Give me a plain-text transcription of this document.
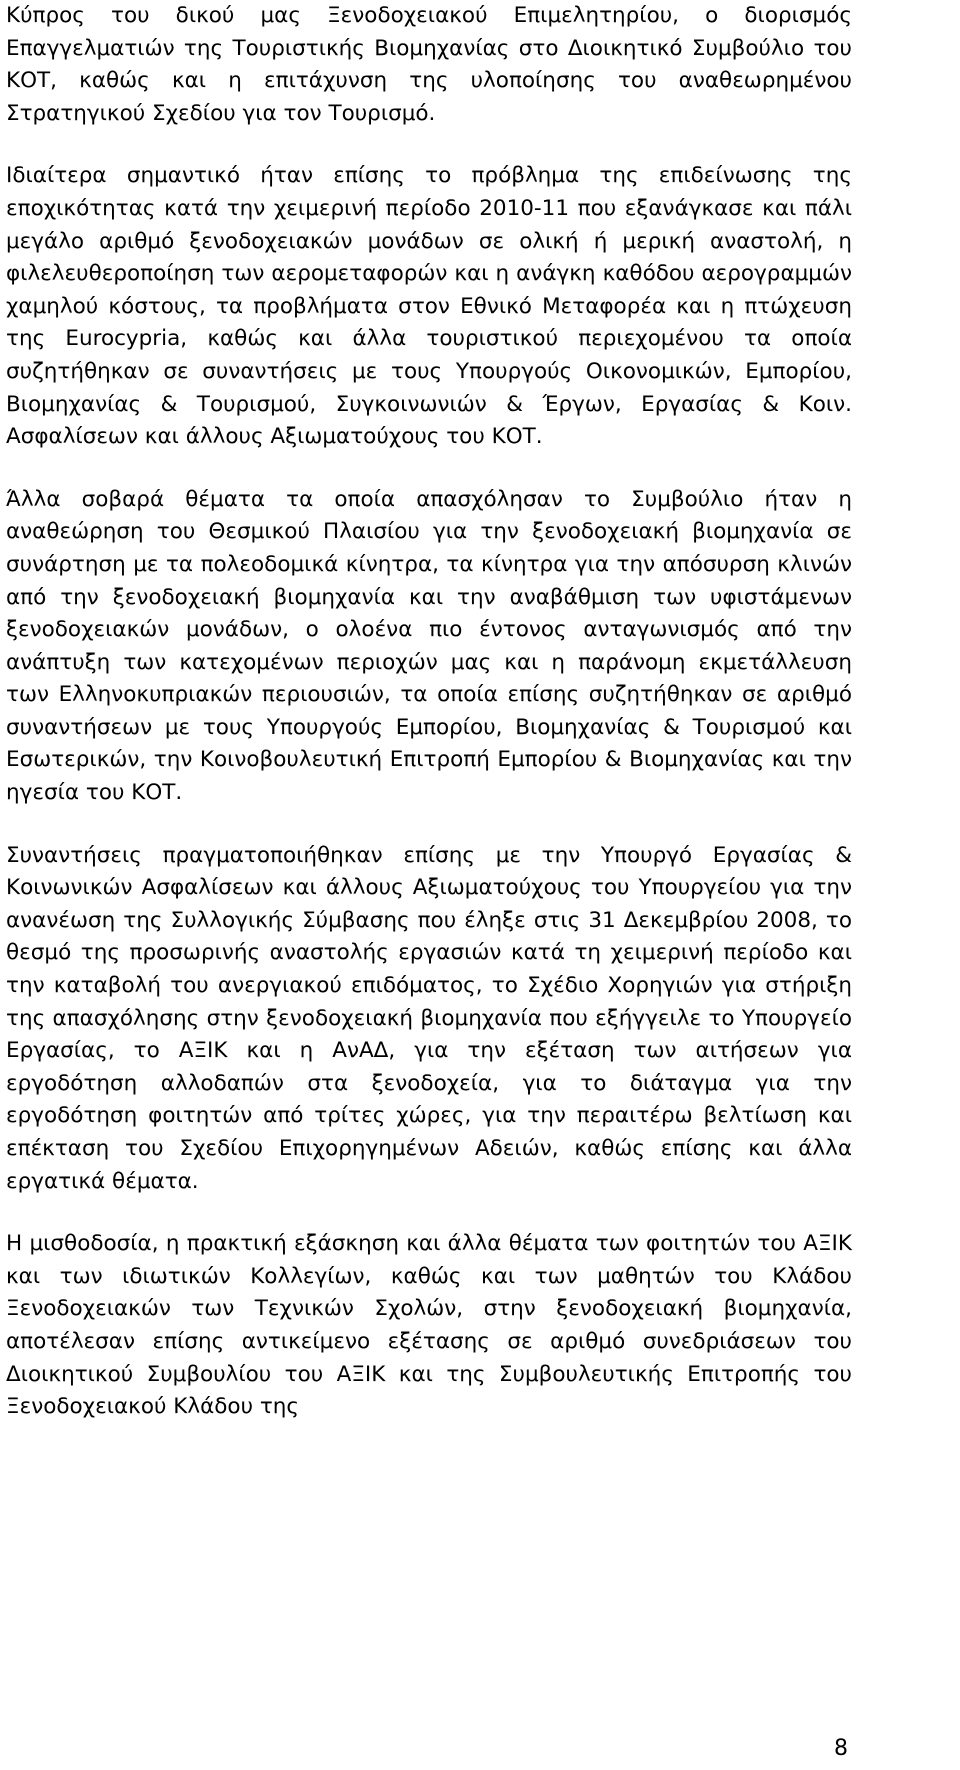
Κύπρος του δικού μας Ξενοδοχειακού Επιμελητηρίου, ο διορισμός Επαγγελματιών της Τουριστικής Βιομηχανίας στο Διοικητικό Συμβούλιο του ΚΟΤ, καθώς και η επιτάχυνση της υλοποίησης του αναθεωρημένου Στρατηγικού Σχεδίου για τον Τουρισμό.

Ιδιαίτερα σημαντικό ήταν επίσης το πρόβλημα της επιδείνωσης της εποχικότητας κατά την χειμερινή περίοδο 2010-11 που εξανάγκασε και πάλι μεγάλο αριθμό ξενοδοχειακών μονάδων σε ολική ή μερική αναστολή, η φιλελευθεροποίηση των αερομεταφορών και η ανάγκη καθόδου αερογραμμών χαμηλού κόστους, τα προβλήματα στον Εθνικό Μεταφορέα και η πτώχευση της Eurocypria, καθώς και άλλα τουριστικού περιεχομένου τα οποία συζητήθηκαν σε συναντήσεις με τους Υπουργούς Οικονομικών, Εμπορίου, Βιομηχανίας & Τουρισμού, Συγκοινωνιών & Έργων, Εργασίας & Κοιν. Ασφαλίσεων και άλλους Αξιωματούχους του ΚΟΤ.

Άλλα σοβαρά θέματα τα οποία απασχόλησαν το Συμβούλιο ήταν η αναθεώρηση του Θεσμικού Πλαισίου για την ξενοδοχειακή βιομηχανία σε συνάρτηση με τα πολεοδομικά κίνητρα, τα κίνητρα για την απόσυρση κλινών από την ξενοδοχειακή βιομηχανία και την αναβάθμιση των υφιστάμενων ξενοδοχειακών μονάδων, ο ολοένα πιο έντονος ανταγωνισμός από την ανάπτυξη των κατεχομένων περιοχών μας και η παράνομη εκμετάλλευση των Ελληνοκυπριακών περιουσιών, τα οποία επίσης συζητήθηκαν σε αριθμό συναντήσεων με τους Υπουργούς Εμπορίου, Βιομηχανίας & Τουρισμού και Εσωτερικών, την Κοινοβουλευτική Επιτροπή Εμπορίου & Βιομηχανίας και την ηγεσία του ΚΟΤ.

Συναντήσεις πραγματοποιήθηκαν επίσης με την Υπουργό Εργασίας & Κοινωνικών Ασφαλίσεων και άλλους Αξιωματούχους του Υπουργείου για την ανανέωση της Συλλογικής Σύμβασης που έληξε στις 31 Δεκεμβρίου 2008, το θεσμό της προσωρινής αναστολής εργασιών κατά τη χειμερινή περίοδο και την καταβολή του ανεργιακού επιδόματος, το Σχέδιο Χορηγιών για στήριξη της απασχόλησης στην ξενοδοχειακή βιομηχανία που εξήγγειλε το Υπουργείο Εργασίας, το ΑΞΙΚ και η ΑνΑΔ, για την εξέταση των αιτήσεων για εργοδότηση αλλοδαπών στα ξενοδοχεία, για το διάταγμα για την εργοδότηση φοιτητών από τρίτες χώρες, για την περαιτέρω βελτίωση και επέκταση του Σχεδίου Επιχορηγημένων Αδειών, καθώς επίσης και άλλα εργατικά θέματα.

Η μισθοδοσία, η πρακτική εξάσκηση και άλλα θέματα των φοιτητών του ΑΞΙΚ και των ιδιωτικών Κολλεγίων, καθώς και των μαθητών του Κλάδου Ξενοδοχειακών των Τεχνικών Σχολών, στην ξενοδοχειακή βιομηχανία, αποτέλεσαν επίσης αντικείμενο εξέτασης σε αριθμό συνεδριάσεων του Διοικητικού Συμβουλίου του ΑΞΙΚ και της Συμβουλευτικής Επιτροπής του Ξενοδοχειακού Κλάδου της

8
